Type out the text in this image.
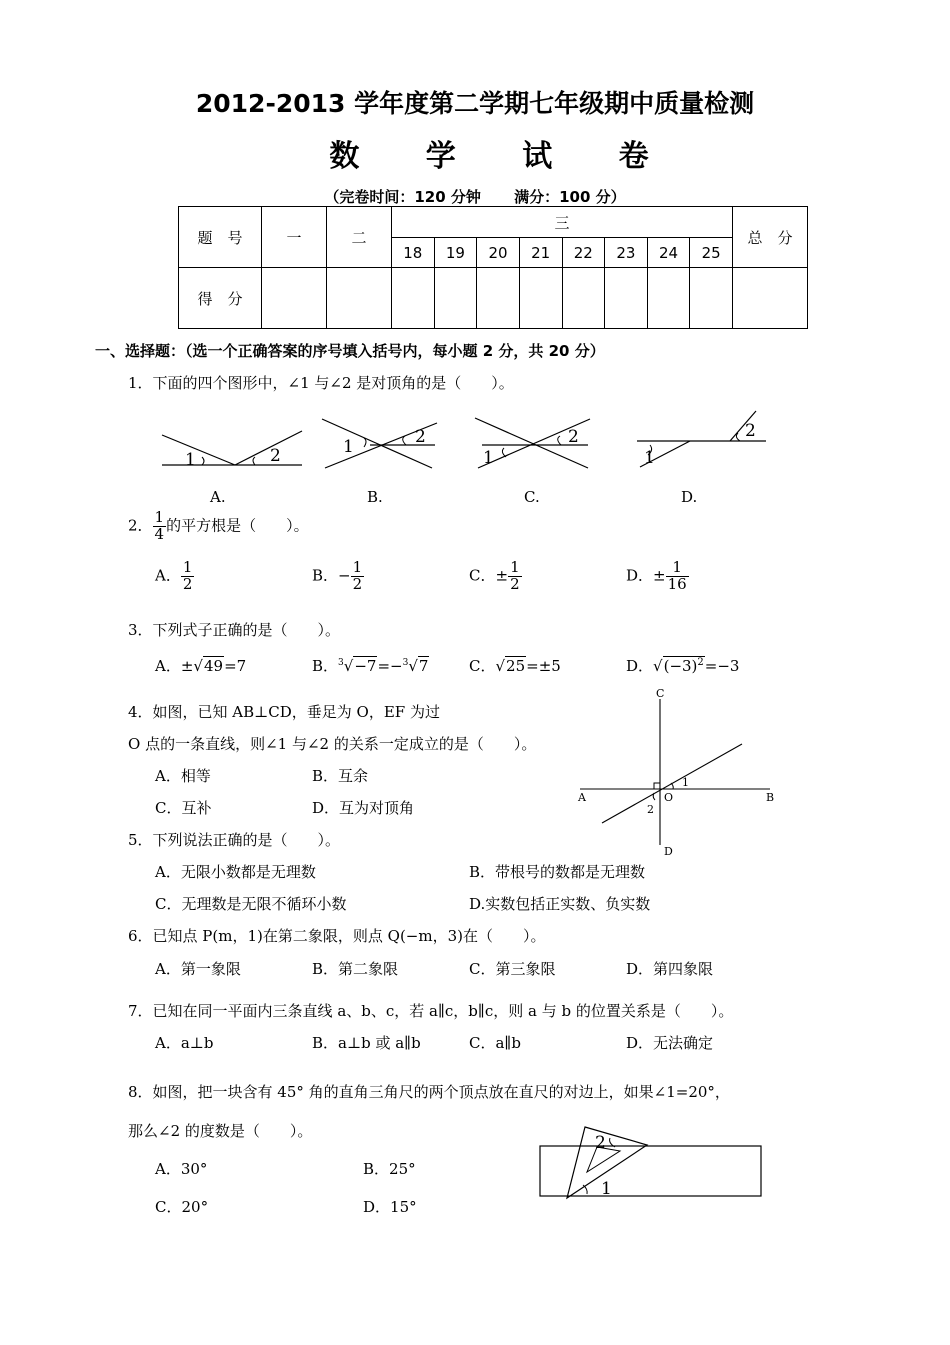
2012-2013 学年度第二学期七年级期中质量检测
数 学 试 卷
（完卷时间：120 分钟 满分：100 分）
题　号	一	二	三								总　分
			18	19	20	21	22	23	24	25	
得　分											
一、选择题：（选一个正确答案的序号填入括号内，每小题 2 分，共 20 分）
1．下面的四个图形中，∠1 与∠2 是对顶角的是（　　）。
1	2	1	2
1
2
1
2
A.	B.	C.	D.
2． $\frac{1}{4}$ 的平方根是（　　）。
A． $\frac{1}{2}$	B．− $\frac{1}{2}$	C．± $\frac{1}{2}$	D．± $\frac{1}{16}$
3．下列式子正确的是（　　）。
A．±√49=7	B．$^3$√−7=−$^3$√7	C．√25=±5	D．$√(-3)^2=-3$
4．如图，已知 AB⊥CD，垂足为 O，EF 为过
O 点的一条直线，则∠1 与∠2 的关系一定成立的是（　　）。
A．相等	B．互余
C．互补	D．互为对顶角
C
D
A	B
O
1
2
5．下列说法正确的是（　　）。
A．无限小数都是无理数	B．带根号的数都是无理数
C．无理数是无限不循环小数	D.实数包括正实数、负实数
6．已知点 P(m，1)在第二象限，则点 Q(−m，3)在（　　）。
A．第一象限	B．第二象限	C．第三象限	D．第四象限
7．已知在同一平面内三条直线 a、b、c，若 a∥c，b∥c，则 a 与 b 的位置关系是（　　）。
A．a⊥b	B．a⊥b 或 a∥b	C．a∥b	D．无法确定
8．如图，把一块含有 45° 角的直角三角尺的两个顶点放在直尺的对边上，如果∠1=20°，
那么∠2 的度数是（　　）。
A．30°	B．25°
C．20°	D．15°
2
1
